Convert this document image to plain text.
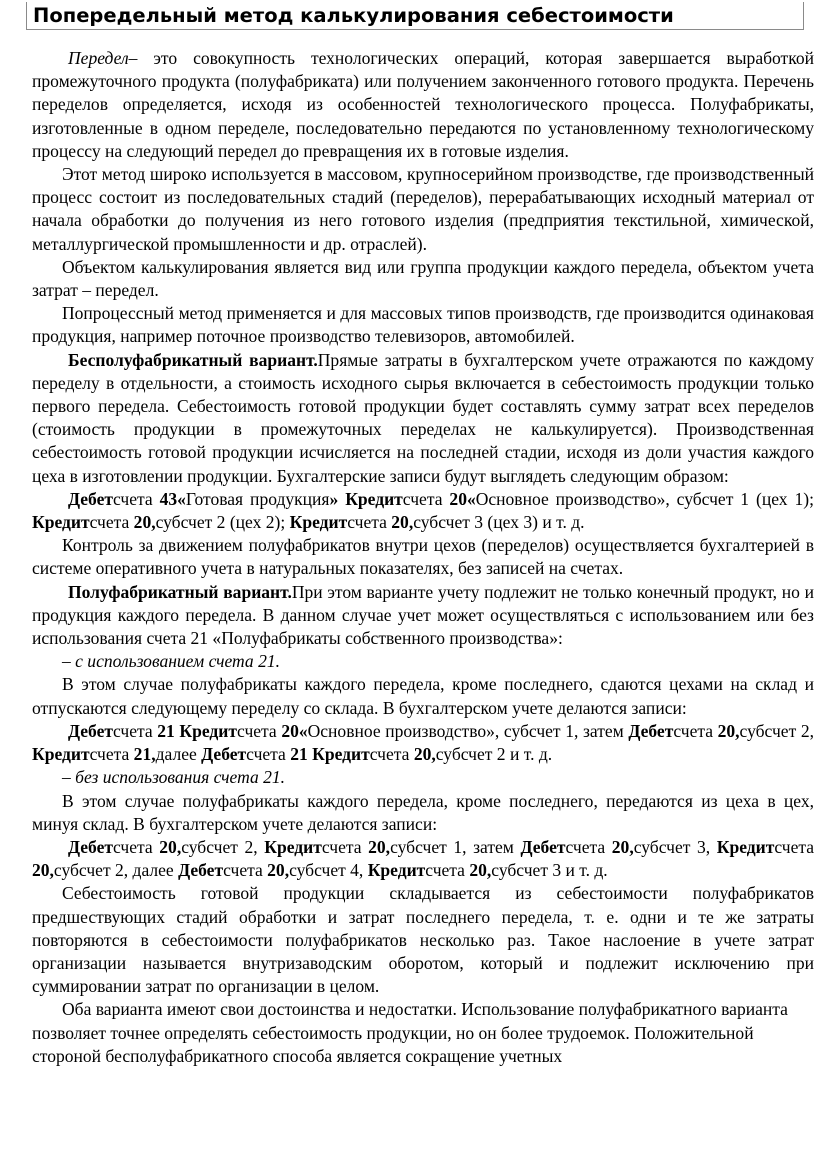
Попередельный метод калькулирования себестоимости

Передел– это совокупность технологических операций, которая завершается выработкой промежуточного продукта (полуфабриката) или получением законченного готового продукта. Перечень переделов определяется, исходя из особенностей технологического процесса. Полуфабрикаты, изготовленные в одном переделе, последовательно передаются по установленному технологическому процессу на следующий передел до превращения их в готовые изделия.

Этот метод широко используется в массовом, крупносерийном производстве, где производственный процесс состоит из последовательных стадий (переделов), перерабатывающих исходный материал от начала обработки до получения из него готового изделия (предприятия текстильной, химической, металлургической промышленности и др. отраслей).

Объектом калькулирования является вид или группа продукции каждого передела, объектом учета затрат – передел.

Попроцессный метод применяется и для массовых типов производств, где производится одинаковая продукция, например поточное производство телевизоров, автомобилей.

Бесполуфабрикатный вариант.Прямые затраты в бухгалтерском учете отражаются по каждому переделу в отдельности, а стоимость исходного сырья включается в себестоимость продукции только первого передела. Себестоимость готовой продукции будет составлять сумму затрат всех переделов (стоимость продукции в промежуточных переделах не калькулируется). Производственная себестоимость готовой продукции исчисляется на последней стадии, исходя из доли участия каждого цеха в изготовлении продукции. Бухгалтерские записи будут выглядеть следующим образом:

Дебетсчета 43«Готовая продукция» Кредитсчета 20«Основное производство», субсчет 1 (цех 1); Кредитсчета 20,субсчет 2 (цех 2); Кредитсчета 20,субсчет 3 (цех 3) и т. д.

Контроль за движением полуфабрикатов внутри цехов (переделов) осуществляется бухгалтерией в системе оперативного учета в натуральных показателях, без записей на счетах.

Полуфабрикатный вариант.При этом варианте учету подлежит не только конечный продукт, но и продукция каждого передела. В данном случае учет может осуществляться с использованием или без использования счета 21 «Полуфабрикаты собственного производства»:

– с использованием счета 21.

В этом случае полуфабрикаты каждого передела, кроме последнего, сдаются цехами на склад и отпускаются следующему переделу со склада. В бухгалтерском учете делаются записи:

Дебетсчета 21 Кредитсчета 20«Основное производство», субсчет 1, затем Дебетсчета 20,субсчет 2, Кредитсчета 21,далее Дебетсчета 21 Кредитсчета 20,субсчет 2 и т. д.

– без использования счета 21.

В этом случае полуфабрикаты каждого передела, кроме последнего, передаются из цеха в цех, минуя склад. В бухгалтерском учете делаются записи:

Дебетсчета 20,субсчет 2, Кредитсчета 20,субсчет 1, затем Дебетсчета 20,субсчет 3, Кредитсчета 20,субсчет 2, далее Дебетсчета 20,субсчет 4, Кредитсчета 20,субсчет 3 и т. д.

Себестоимость готовой продукции складывается из себестоимости полуфабрикатов предшествующих стадий обработки и затрат последнего передела, т. е. одни и те же затраты повторяются в себестоимости полуфабрикатов несколько раз. Такое наслоение в учете затрат организации называется внутризаводским оборотом, который и подлежит исключению при суммировании затрат по организации в целом.

Оба варианта имеют свои достоинства и недостатки. Использование полуфабрикатного варианта позволяет точнее определять себестоимость продукции, но он более трудоемок. Положительной стороной бесполуфабрикатного способа является сокращение учетных
